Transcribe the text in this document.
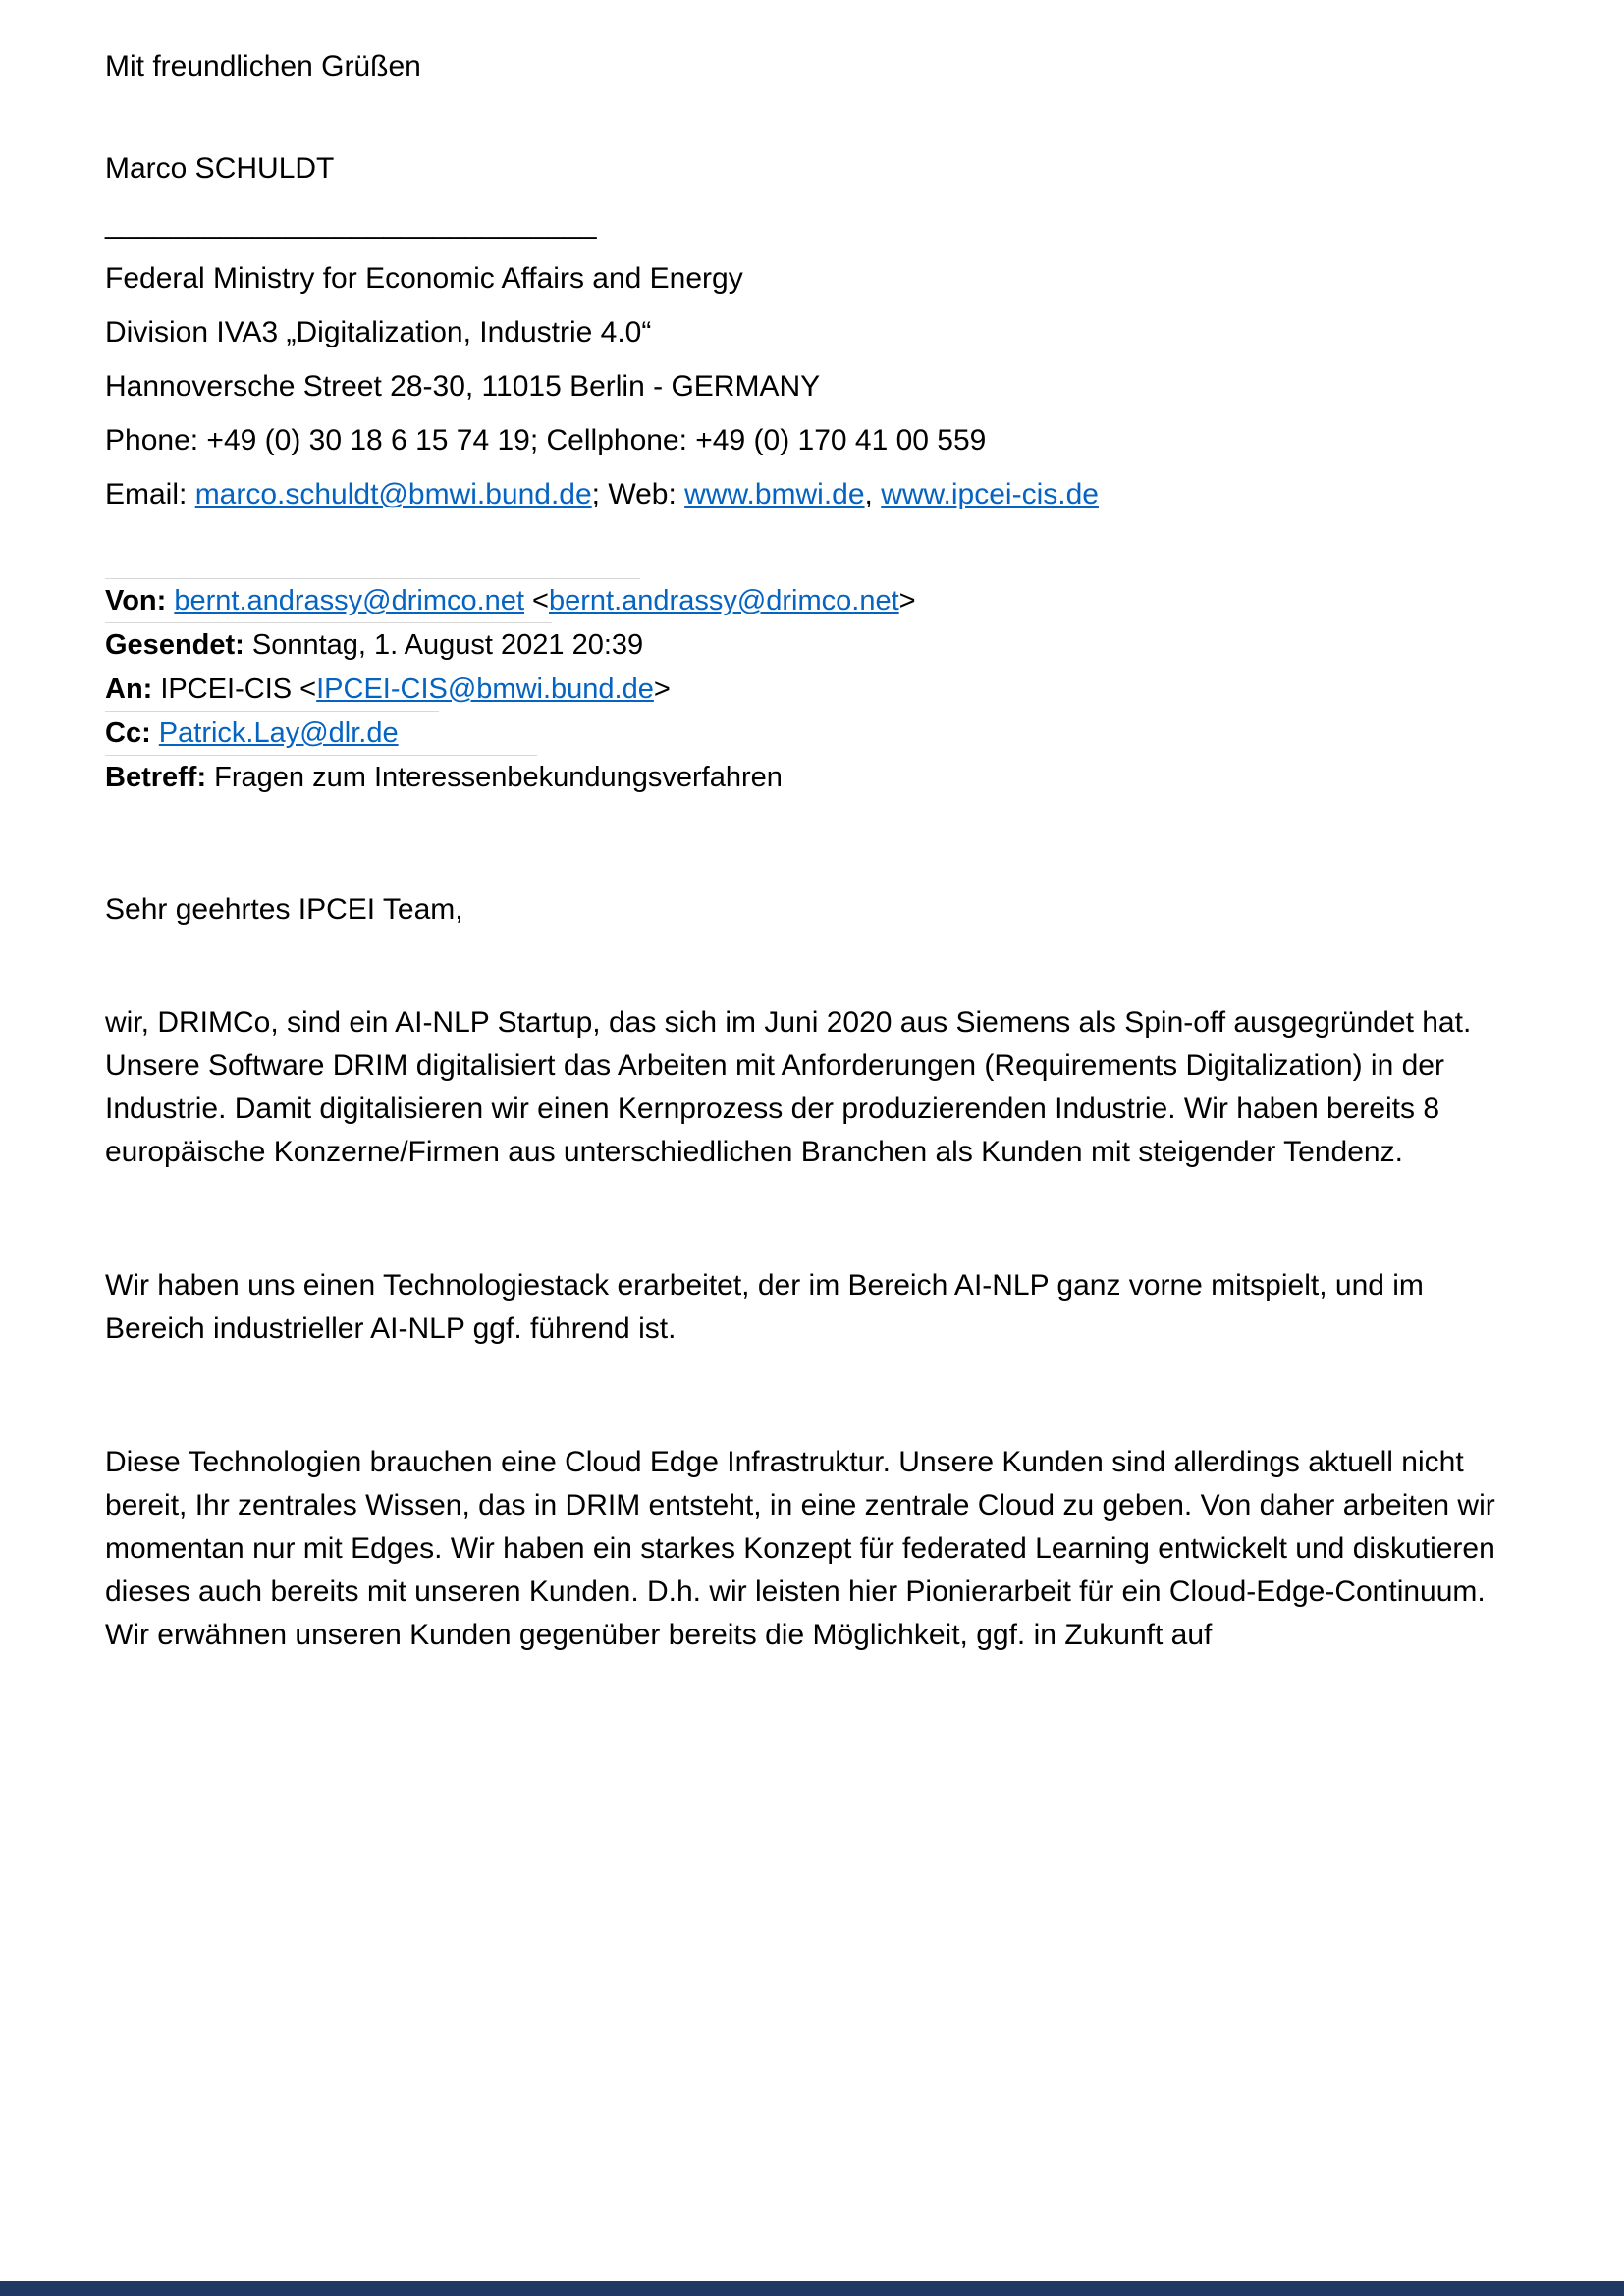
Mit freundlichen Grüßen

Marco SCHULDT

______________________________

Federal Ministry for Economic Affairs and Energy

Division IVA3 „Digitalization, Industrie 4.0“

Hannoversche Street 28-30, 11015 Berlin - GERMANY

Phone: +49 (0) 30 18 6 15 74 19; Cellphone: +49 (0) 170 41 00 559

Email: marco.schuldt@bmwi.bund.de; Web: www.bmwi.de, www.ipcei-cis.de

Von: bernt.andrassy@drimco.net <bernt.andrassy@drimco.net>

Gesendet: Sonntag, 1. August 2021 20:39

An: IPCEI-CIS <IPCEI-CIS@bmwi.bund.de>

Cc: Patrick.Lay@dlr.de

Betreff: Fragen zum Interessenbekundungsverfahren

Sehr geehrtes IPCEI Team,

wir, DRIMCo, sind ein AI-NLP Startup, das sich im Juni 2020 aus Siemens als Spin-off ausgegründet hat. Unsere Software DRIM digitalisiert das Arbeiten mit Anforderungen (Requirements Digitalization) in der Industrie. Damit digitalisieren wir einen Kernprozess der produzierenden Industrie. Wir haben bereits 8 europäische Konzerne/Firmen aus unterschiedlichen Branchen als Kunden mit steigender Tendenz.

Wir haben uns einen Technologiestack erarbeitet, der im Bereich AI-NLP ganz vorne mitspielt, und im Bereich industrieller AI-NLP ggf. führend ist.

Diese Technologien brauchen eine Cloud Edge Infrastruktur. Unsere Kunden sind allerdings aktuell nicht bereit, Ihr zentrales Wissen, das in DRIM entsteht, in eine zentrale Cloud zu geben. Von daher arbeiten wir momentan nur mit Edges. Wir haben ein starkes Konzept für federated Learning entwickelt und diskutieren dieses auch bereits mit unseren Kunden. D.h. wir leisten hier Pionierarbeit für ein Cloud-Edge-Continuum. Wir erwähnen unseren Kunden gegenüber bereits die Möglichkeit, ggf. in Zukunft auf
